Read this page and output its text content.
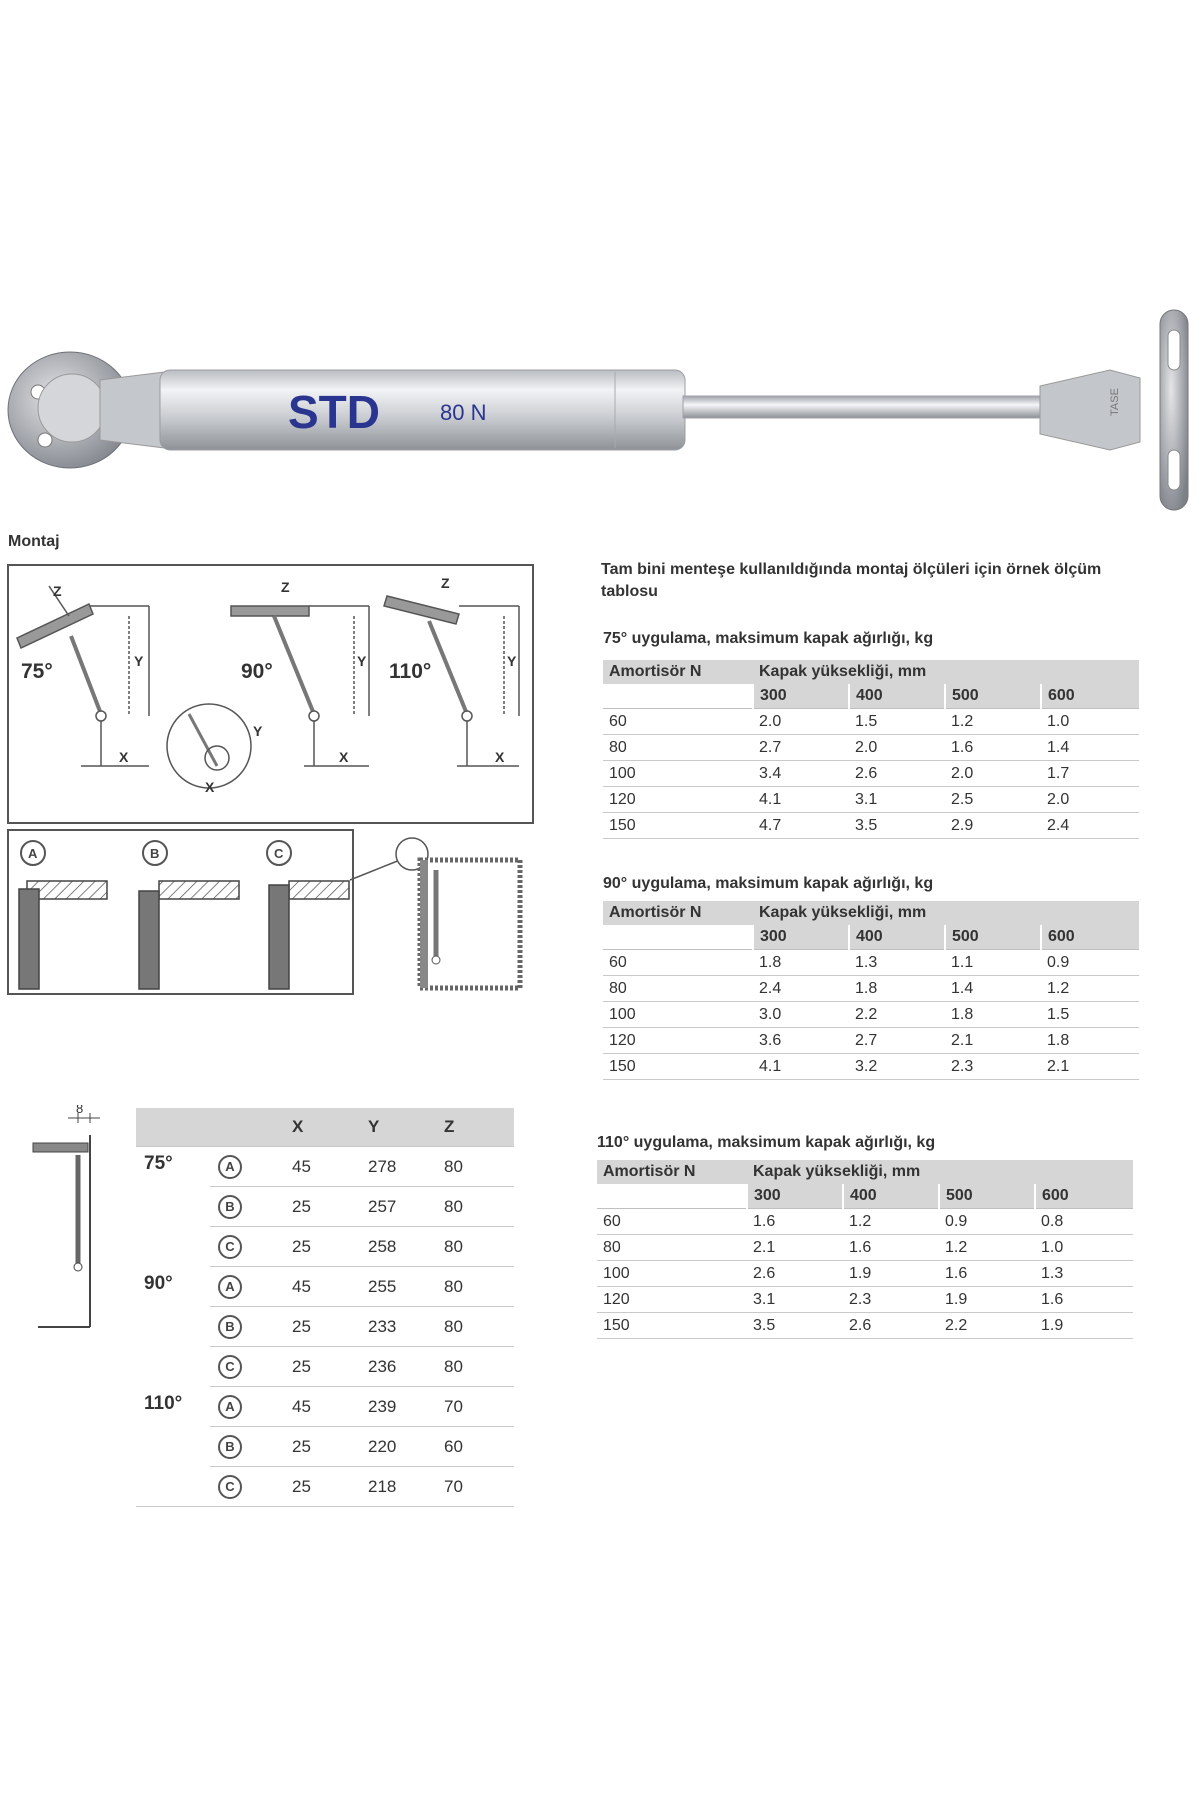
STD	80 N	TASE
Montaj
75°	90°	110°
Z
Y
X
Z
Y
X
Y
X
Z
Y
X
A	B	C
Tam bini menteşe kullanıldığında montaj ölçüleri için örnek ölçüm tablosu
75° uygulama, maksimum kapak ağırlığı, kg
Amortisör N	Kapak yüksekliği, mm			
	300	400	500	600
60	2.0	1.5	1.2	1.0
80	2.7	2.0	1.6	1.4
100	3.4	2.6	2.0	1.7
120	4.1	3.1	2.5	2.0
150	4.7	3.5	2.9	2.4
90° uygulama, maksimum kapak ağırlığı, kg
Amortisör N	Kapak yüksekliği, mm			
	300	400	500	600
60	1.8	1.3	1.1	0.9
80	2.4	1.8	1.4	1.2
100	3.0	2.2	1.8	1.5
120	3.6	2.7	2.1	1.8
150	4.1	3.2	2.3	2.1
110° uygulama, maksimum kapak ağırlığı, kg
Amortisör N	Kapak yüksekliği, mm			
	300	400	500	600
60	1.6	1.2	0.9	0.8
80	2.1	1.6	1.2	1.0
100	2.6	1.9	1.6	1.3
120	3.1	2.3	1.9	1.6
150	3.5	2.6	2.2	1.9
8
		X	Y	Z
75°	A	45	278	80
	B	25	257	80
	C	25	258	80
90°	A	45	255	80
	B	25	233	80
	C	25	236	80
110°	A	45	239	70
	B	25	220	60
	C	25	218	70
